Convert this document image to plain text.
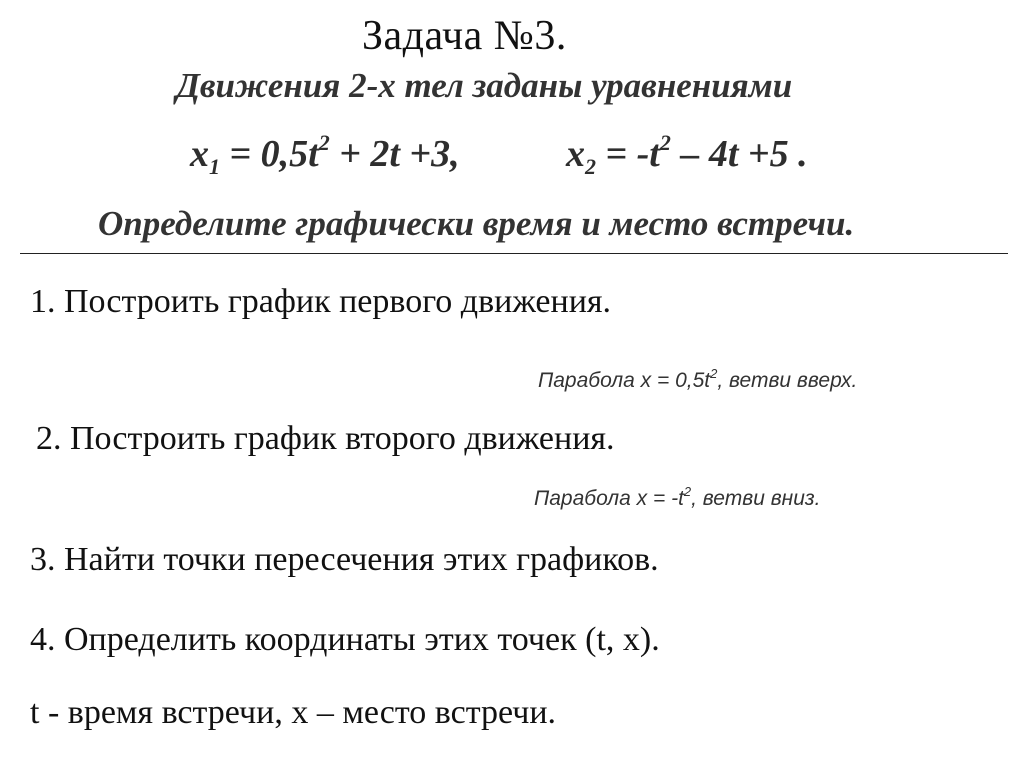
Задача №3.
Движения 2-х тел заданы уравнениями
$x_1 = 0,5t^2 + 2t +3$,	$x_2 = -t^2 - 4t +5$ .
Определите графически время и место встречи.
1. Построить график первого движения.
Парабола $x = 0,5t^2$, ветви вверх.
2. Построить график второго движения.
Парабола $x = -t^2$, ветви вниз.
3. Найти точки пересечения этих графиков.
4. Определить координаты этих точек (t, x).
t - время встречи, x – место встречи.
